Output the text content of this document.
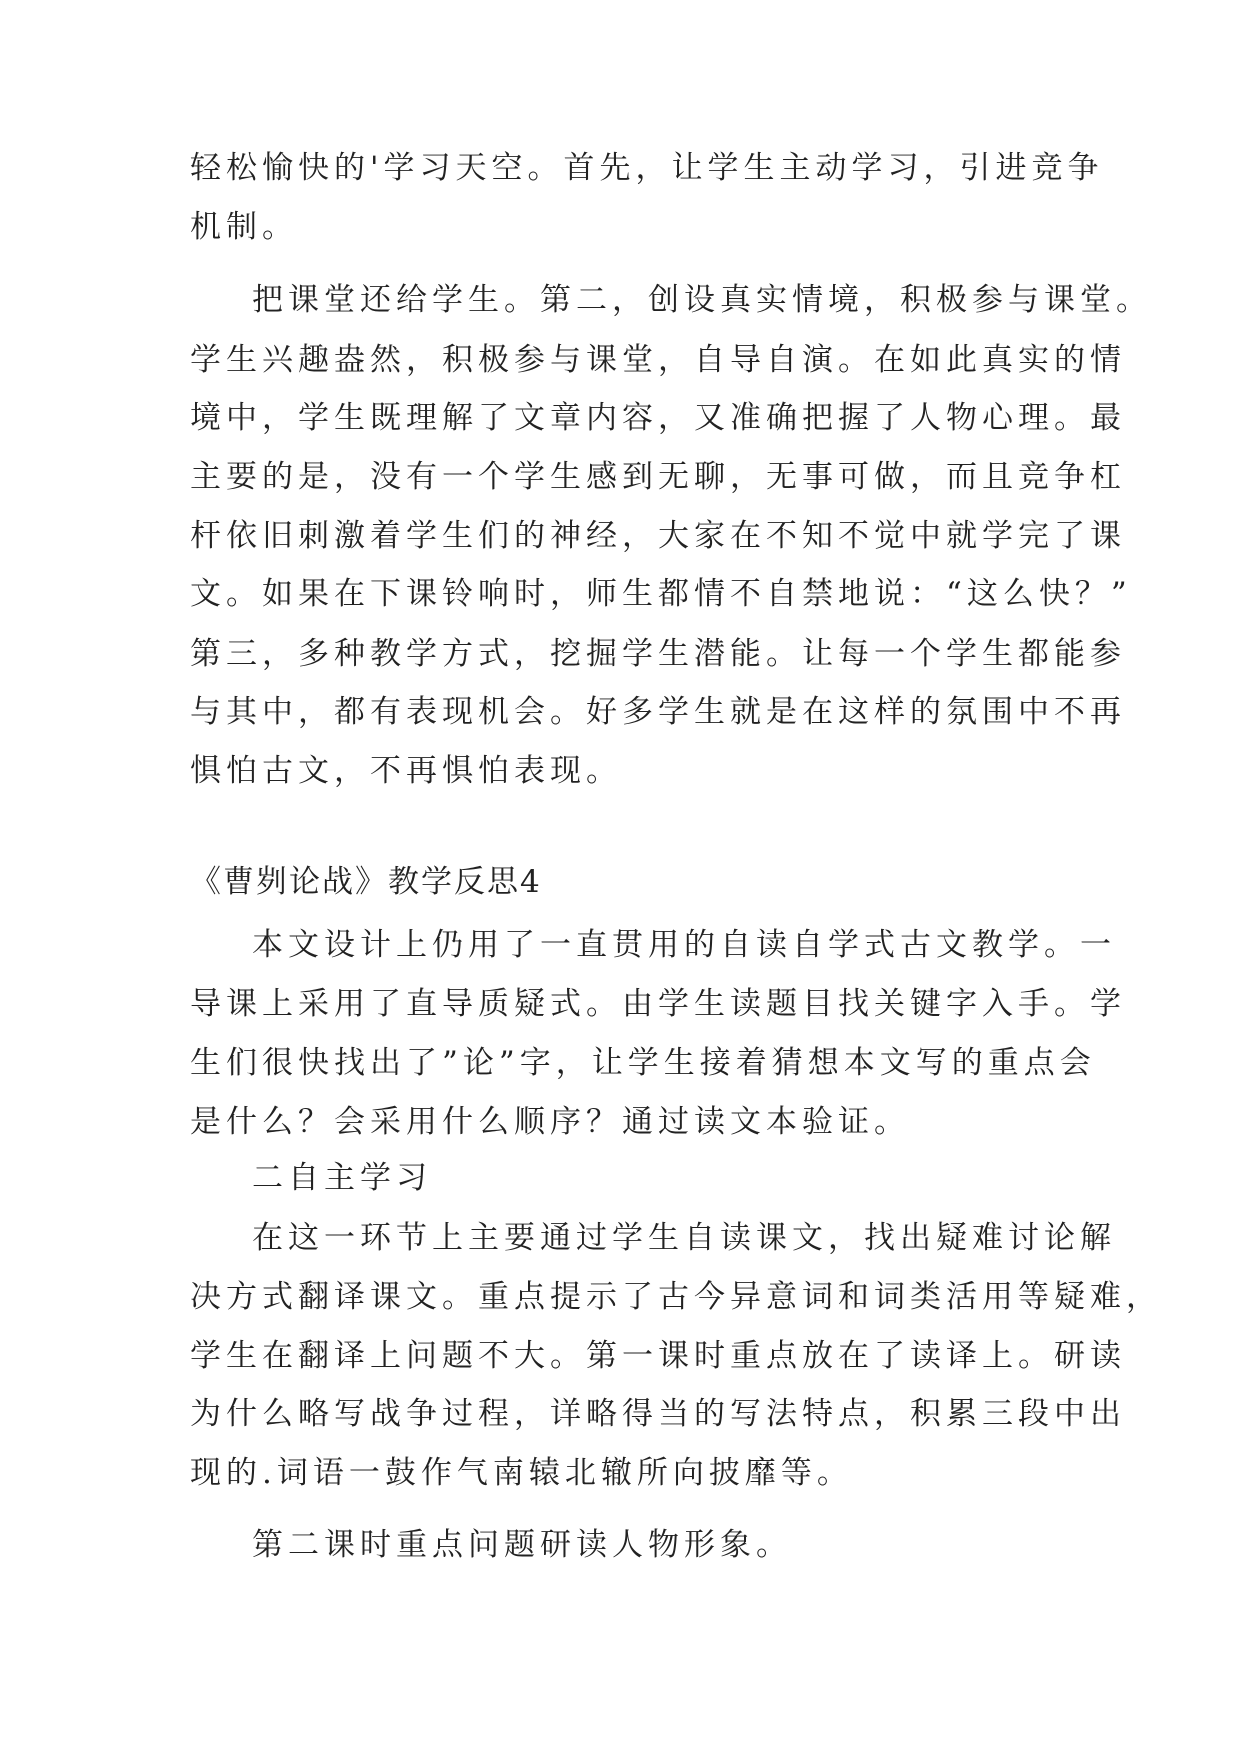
轻松愉快的'学习天空。首先，让学生主动学习，引进竞争
机制。
把课堂还给学生。第二，创设真实情境，积极参与课堂。
学生兴趣盎然，积极参与课堂，自导自演。在如此真实的情
境中，学生既理解了文章内容，又准确把握了人物心理。最
主要的是，没有一个学生感到无聊，无事可做，而且竞争杠
杆依旧刺激着学生们的神经，大家在不知不觉中就学完了课
文。如果在下课铃响时，师生都情不自禁地说：“这么快？”
第三，多种教学方式，挖掘学生潜能。让每一个学生都能参
与其中，都有表现机会。好多学生就是在这样的氛围中不再
惧怕古文，不再惧怕表现。
《曹刿论战》教学反思4
本文设计上仍用了一直贯用的自读自学式古文教学。一
导课上采用了直导质疑式。由学生读题目找关键字入手。学
生们很快找出了”论”字，让学生接着猜想本文写的重点会
是什么？会采用什么顺序？通过读文本验证。
二自主学习
在这一环节上主要通过学生自读课文，找出疑难讨论解
决方式翻译课文。重点提示了古今异意词和词类活用等疑难，
学生在翻译上问题不大。第一课时重点放在了读译上。研读
为什么略写战争过程，详略得当的写法特点，积累三段中出
现的.词语一鼓作气南辕北辙所向披靡等。
第二课时重点问题研读人物形象。
